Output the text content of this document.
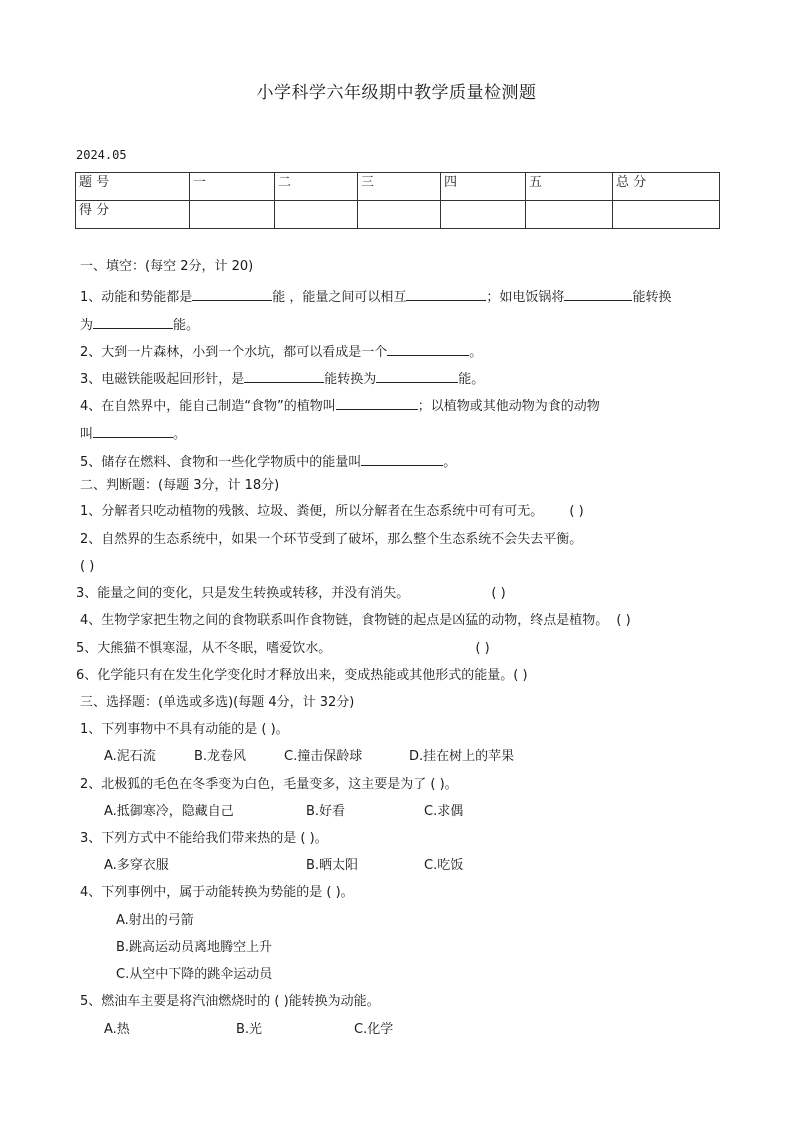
小学科学六年级期中教学质量检测题
2024.05
题 号	一	二	三	四	五	总 分
得 分						
一、填空：(每空 2分，计 20)
1、动能和势能都是	能 ，能量之间可以相互	；如电饭锅将	能转换
为	能。
2、大到一片森林，小到一个水坑，都可以看成是一个	。
3、电磁铁能吸起回形针，是	能转换为	能。
4、在自然界中，能自己制造“食物”的植物叫	；以植物或其他动物为食的动物
叫	。
5、储存在燃料、食物和一些化学物质中的能量叫	。
二、判断题：(每题 3分，计 18分)
1、分解者只吃动植物的残骸、垃圾、粪便，所以分解者在生态系统中可有可无。 ( )
2、自然界的生态系统中，如果一个环节受到了破坏，那么整个生态系统不会失去平衡。
( )
3、能量之间的变化，只是发生转换或转移，并没有消失。	( )
4、生物学家把生物之间的食物联系叫作食物链，食物链的起点是凶猛的动物，终点是植物。 ( )
5、大熊猫不惧寒湿，从不冬眠，嗜爱饮水。	( )
6、化学能只有在发生化学变化时才释放出来，变成热能或其他形式的能量。( )
三、选择题：(单选或多选)(每题 4分，计 32分)
1、下列事物中不具有动能的是 ( )。
A.泥石流	B.龙卷风	C.撞击保龄球	D.挂在树上的苹果
2、北极狐的毛色在冬季变为白色，毛量变多，这主要是为了 ( )。
A.抵御寒冷，隐藏自己	B.好看	C.求偶
3、下列方式中不能给我们带来热的是 ( )。
A.多穿衣服	B.晒太阳	C.吃饭
4、下列事例中，属于动能转换为势能的是 ( )。
A.射出的弓箭
B.跳高运动员离地腾空上升
C.从空中下降的跳伞运动员
5、燃油车主要是将汽油燃烧时的 ( )能转换为动能。
A.热	B.光	C.化学
